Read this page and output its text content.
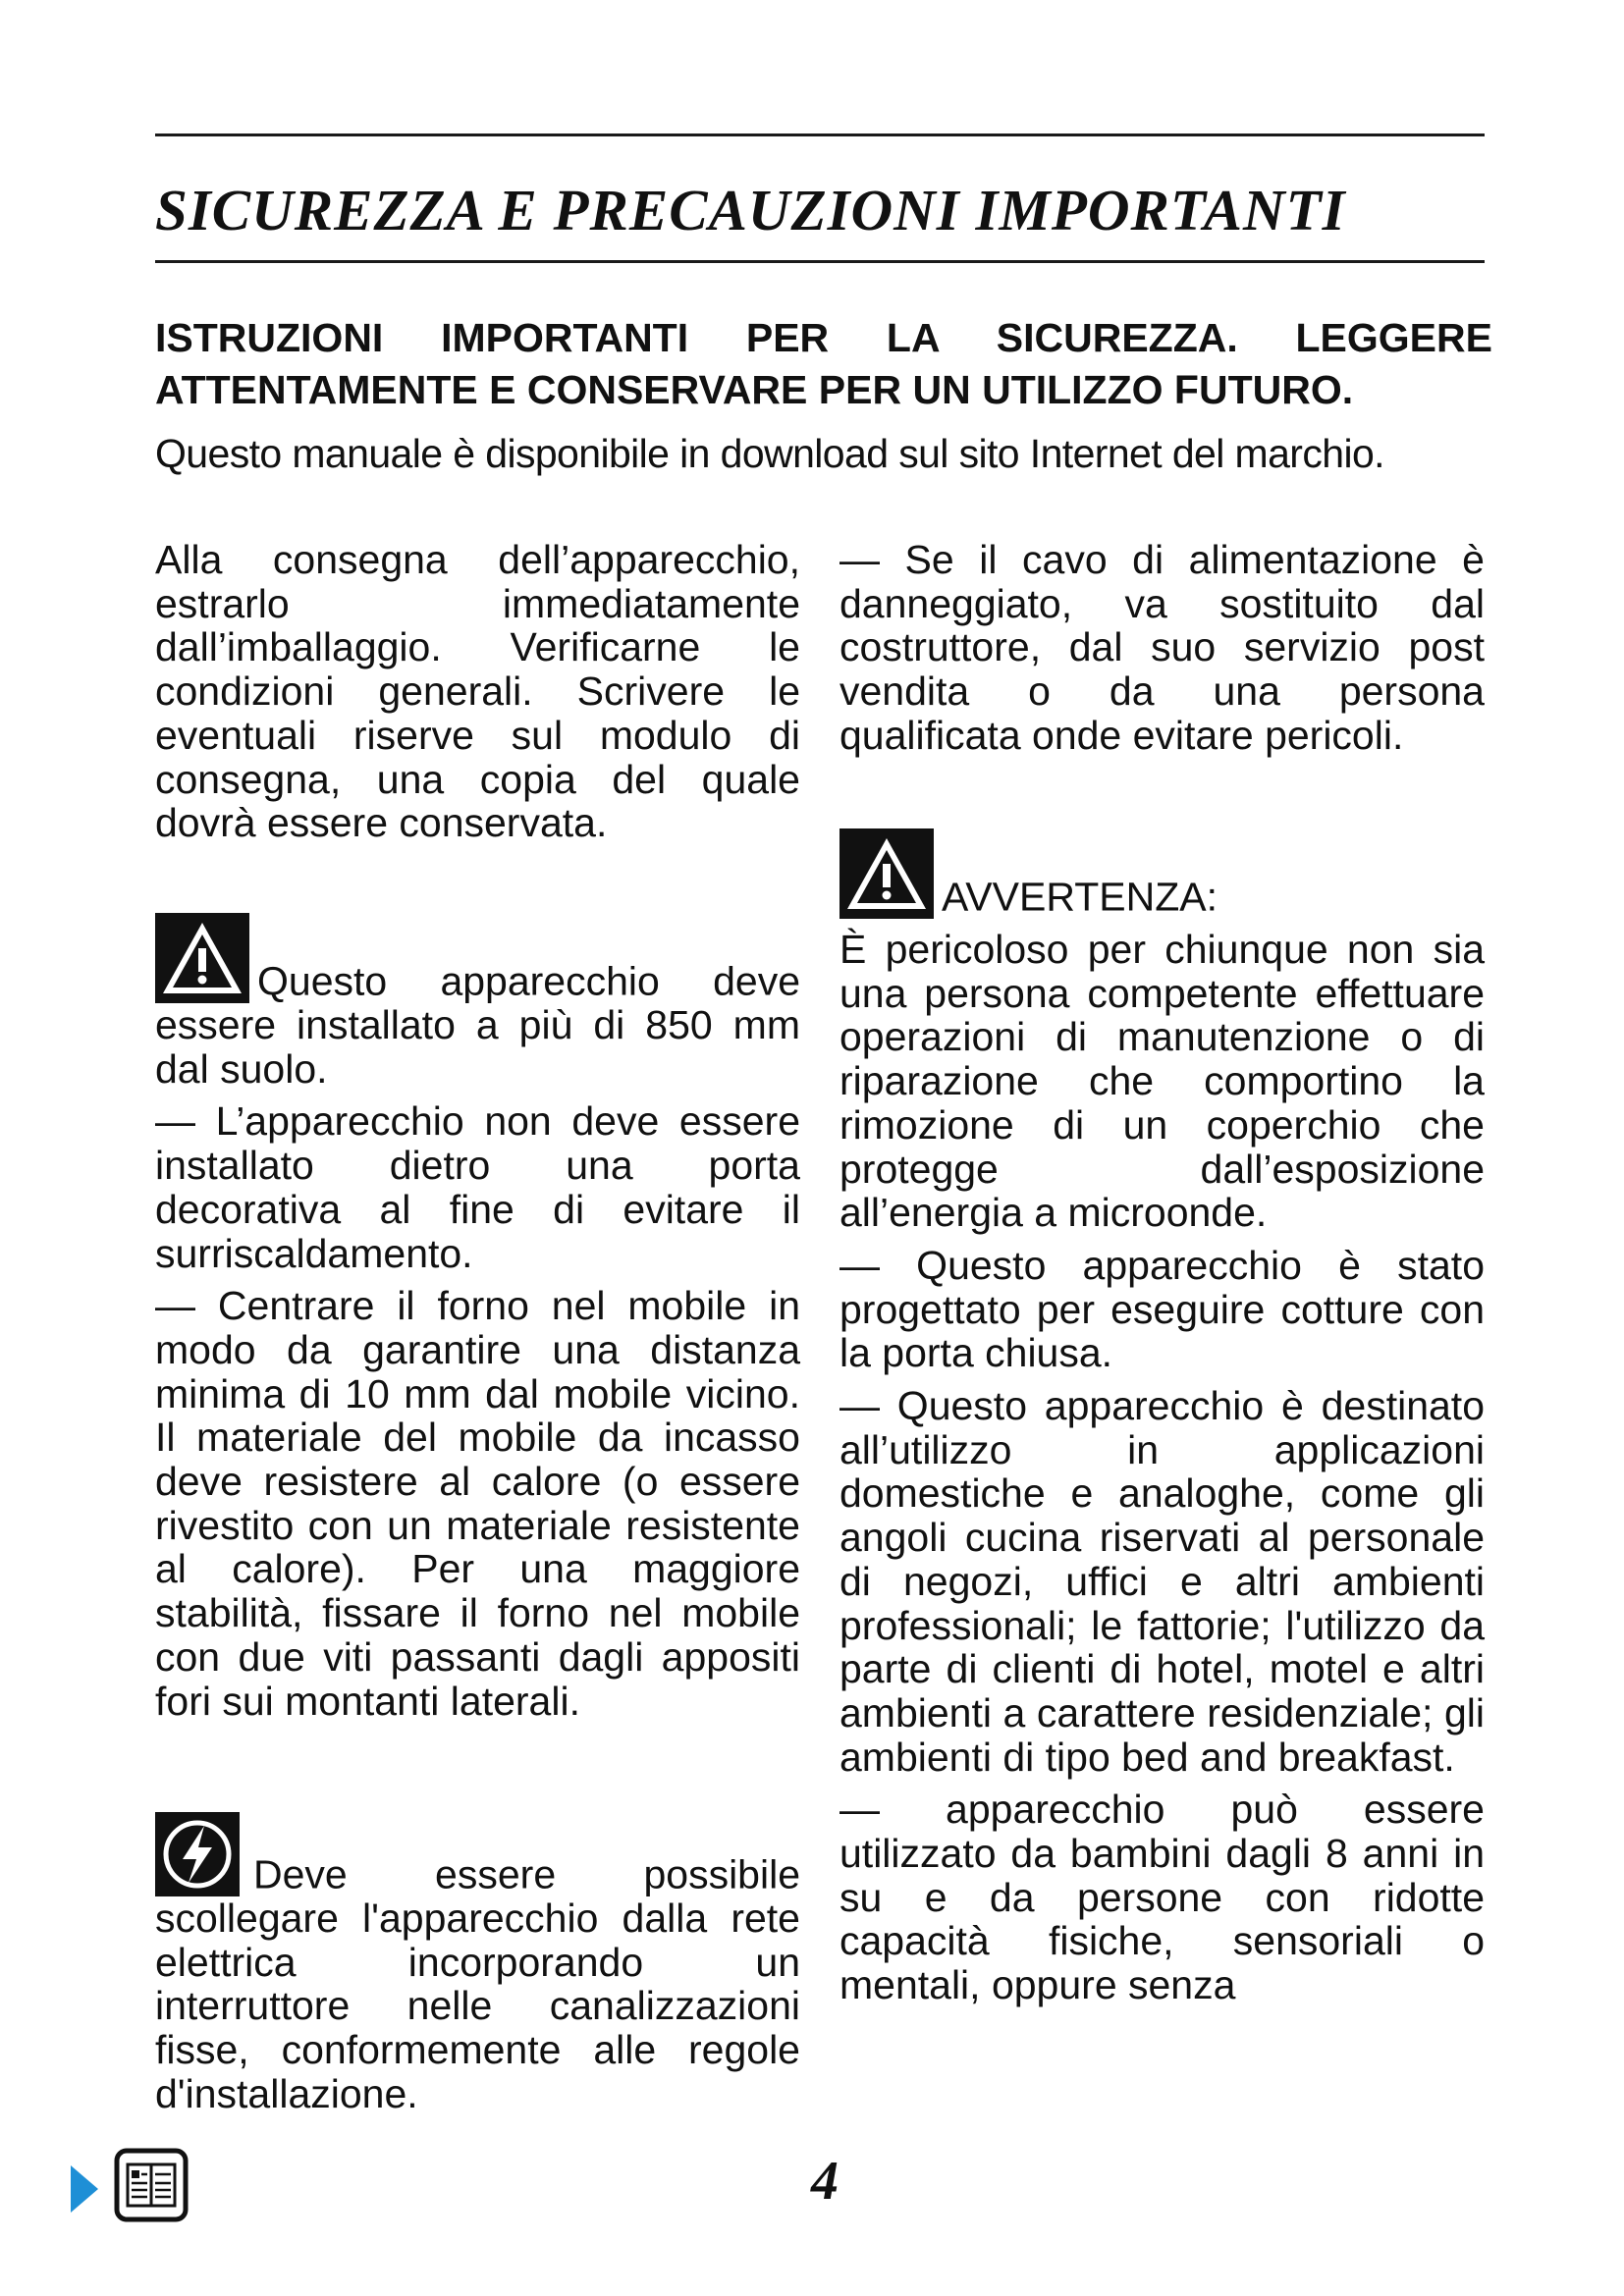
SICUREZZA E PRECAUZIONI IMPORTANTI

ISTRUZIONI IMPORTANTI PER LA SICUREZZA. LEGGERE ATTENTAMENTE E CONSERVARE PER UN UTILIZZO FUTURO.

Questo manuale è disponibile in download sul sito Internet del marchio.

Alla consegna dell’apparecchio, estrarlo immediatamente dall’imballaggio. Verificarne le condizioni generali. Scrivere le eventuali riserve sul modulo di consegna, una copia del quale dovrà essere conservata.

Questo apparecchio deve essere installato a più di 850 mm dal suolo.

— L’apparecchio non deve essere installato dietro una porta decorativa al fine di evitare il surriscaldamento.

— Centrare il forno nel mobile in modo da garantire una distanza minima di 10 mm dal mobile vicino. Il materiale del mobile da incasso deve resistere al calore (o essere rivestito con un materiale resistente al calore). Per una maggiore stabilità, fissare il forno nel mobile con due viti passanti dagli appositi fori sui montanti laterali.

Deve essere possibile scollegare l'apparecchio dalla rete elettrica incorporando un interruttore nelle canalizzazioni fisse, conformemente alle regole d'installazione.

— Se il cavo di alimentazione è danneggiato, va sostituito dal costruttore, dal suo servizio post vendita o da una persona qualificata onde evitare pericoli.

AVVERTENZA:

È pericoloso per chiunque non sia una persona competente effettuare operazioni di manutenzione o di riparazione che comportino la rimozione di un coperchio che protegge dall’esposizione all’energia a microonde.

— Questo apparecchio è stato progettato per eseguire cotture con la porta chiusa.

— Questo apparecchio è destinato all’utilizzo in applicazioni domestiche e analoghe, come gli angoli cucina riservati al personale di negozi, uffici e altri ambienti professionali; le fattorie; l'utilizzo da parte di clienti di hotel, motel e altri ambienti a carattere residenziale; gli ambienti di tipo bed and breakfast.

— apparecchio può essere utilizzato da bambini dagli 8 anni in su e da persone con ridotte capacità fisiche, sensoriali o mentali, oppure senza

4
